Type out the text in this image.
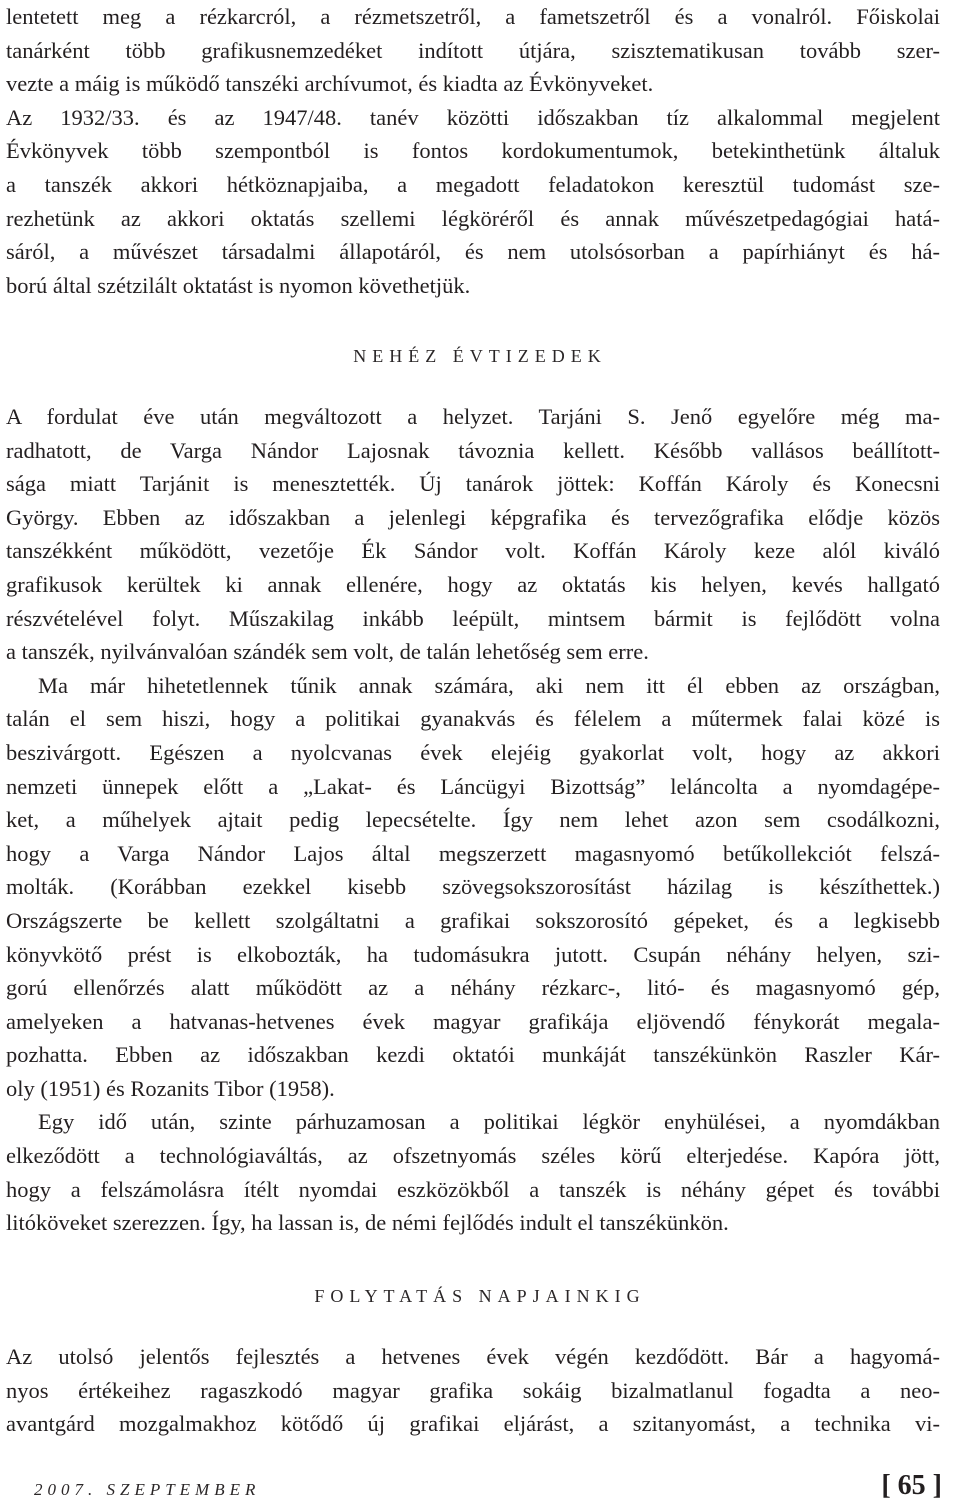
lentetett meg a rézkarcról, a rézmetszetről, a fametszetről és a vonalról. Főiskolai
tanárként több grafikusnemzedéket indított útjára, szisztematikusan tovább szer-
vezte a máig is működő tanszéki archívumot, és kiadta az Évkönyveket.
Az 1932/33. és az 1947/48. tanév közötti időszakban tíz alkalommal megjelent
Évkönyvek több szempontból is fontos kordokumentumok, betekinthetünk általuk
a tanszék akkori hétköznapjaiba, a megadott feladatokon keresztül tudomást sze-
rezhetünk az akkori oktatás szellemi légköréről és annak művészetpedagógiai hatá-
sáról, a művészet társadalmi állapotáról, és nem utolsósorban a papírhiányt és há-
ború által szétzilált oktatást is nyomon követhetjük.
NEHÉZ ÉVTIZEDEK
A fordulat éve után megváltozott a helyzet. Tarjáni S. Jenő egyelőre még ma-
radhatott, de Varga Nándor Lajosnak távoznia kellett. Később vallásos beállított-
sága miatt Tarjánit is menesztették. Új tanárok jöttek: Koffán Károly és Konecsni
György. Ebben az időszakban a jelenlegi képgrafika és tervezőgrafika elődje közös
tanszékként működött, vezetője Ék Sándor volt. Koffán Károly keze alól kiváló
grafikusok kerültek ki annak ellenére, hogy az oktatás kis helyen, kevés hallgató
részvételével folyt. Műszakilag inkább leépült, mintsem bármit is fejlődött volna
a tanszék, nyilvánvalóan szándék sem volt, de talán lehetőség sem erre.
Ma már hihetetlennek tűnik annak számára, aki nem itt él ebben az országban,
talán el sem hiszi, hogy a politikai gyanakvás és félelem a műtermek falai közé is
beszivárgott. Egészen a nyolcvanas évek elejéig gyakorlat volt, hogy az akkori
nemzeti ünnepek előtt a „Lakat- és Láncügyi Bizottság” leláncolta a nyomdagépe-
ket, a műhelyek ajtait pedig lepecsételte. Így nem lehet azon sem csodálkozni,
hogy a Varga Nándor Lajos által megszerzett magasnyomó betűkollekciót felszá-
molták. (Korábban ezekkel kisebb szövegsokszorosítást házilag is készíthettek.)
Országszerte be kellett szolgáltatni a grafikai sokszorosító gépeket, és a legkisebb
könyvkötő prést is elkobozták, ha tudomásukra jutott. Csupán néhány helyen, szi-
gorú ellenőrzés alatt működött az a néhány rézkarc-, litó- és magasnyomó gép,
amelyeken a hatvanas-hetvenes évek magyar grafikája eljövendő fénykorát megala-
pozhatta. Ebben az időszakban kezdi oktatói munkáját tanszékünkön Raszler Kár-
oly (1951) és Rozanits Tibor (1958).
Egy idő után, szinte párhuzamosan a politikai légkör enyhülései, a nyomdákban
elkeződött a technológiaváltás, az ofszetnyomás széles körű elterjedése. Kapóra jött,
hogy a felszámolásra ítélt nyomdai eszközökből a tanszék is néhány gépet és további
litóköveket szerezzen. Így, ha lassan is, de némi fejlődés indult el tanszékünkön.
FOLYTATÁS NAPJAINKIG
Az utolsó jelentős fejlesztés a hetvenes évek végén kezdődött. Bár a hagyomá-
nyos értékeihez ragaszkodó magyar grafika sokáig bizalmatlanul fogadta a neo-
avantgárd mozgalmakhoz kötődő új grafikai eljárást, a szitanyomást, a technika vi-
2007. SZEPTEMBER	[ 65 ]
